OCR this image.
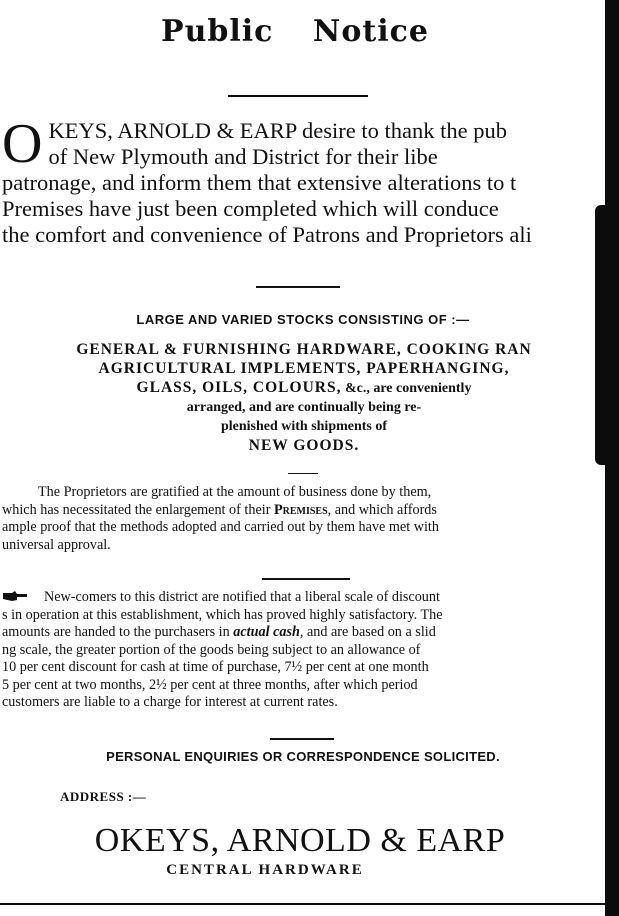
Public Notice
O KEYS, ARNOLD & EARP desire to thank the pub
of New Plymouth and District for their libe
patronage, and inform them that extensive alterations to t
Premises have just been completed which will conduce
the comfort and convenience of Patrons and Proprietors ali
LARGE AND VARIED STOCKS CONSISTING OF :—
GENERAL & FURNISHING HARDWARE, COOKING RAN
AGRICULTURAL IMPLEMENTS, PAPERHANGING,
GLASS, OILS, COLOURS, &c., are conveniently
arranged, and are continually being re-
plenished with shipments of
NEW GOODS.
The Proprietors are gratified at the amount of business done by them,
which has necessitated the enlargement of their Premises, and which affords
ample proof that the methods adopted and carried out by them have met with
universal approval.
New-comers to this district are notified that a liberal scale of discount
s in operation at this establishment, which has proved highly satisfactory. The
amounts are handed to the purchasers in actual cash, and are based on a slid
ng scale, the greater portion of the goods being subject to an allowance of
10 per cent discount for cash at time of purchase, 7½ per cent at one month
5 per cent at two months, 2½ per cent at three months, after which period
customers are liable to a charge for interest at current rates.
PERSONAL ENQUIRIES OR CORRESPONDENCE SOLICITED.
ADDRESS :—
OKEYS, ARNOLD & EARP
CENTRAL HARDWARE
